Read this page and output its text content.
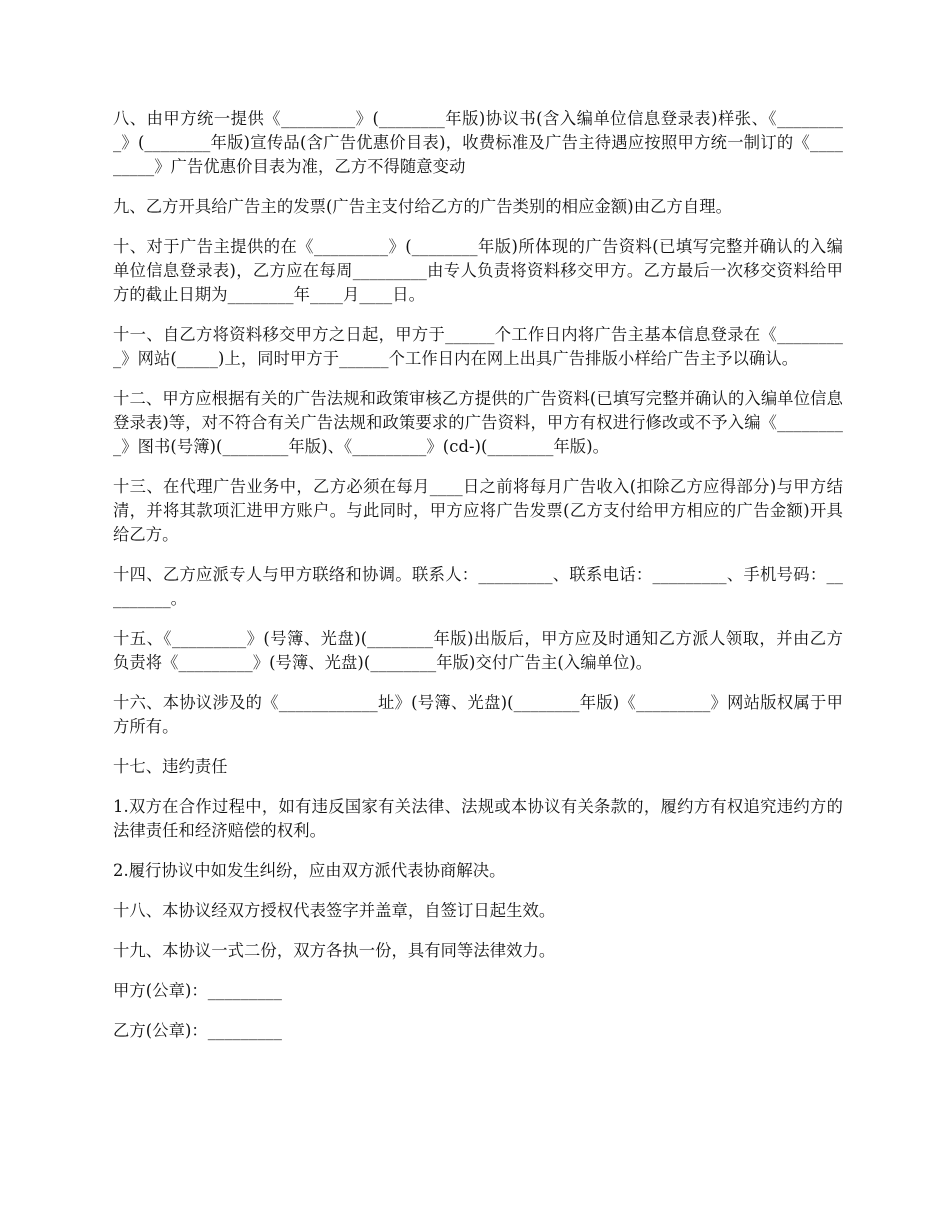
八、由甲方统一提供《_________》(________年版)协议书(含入编单位信息登录表)样张、《_________》(________年版)宣传品(含广告优惠价目表)，收费标准及广告主待遇应按照甲方统一制订的《_________》广告优惠价目表为准，乙方不得随意变动

九、乙方开具给广告主的发票(广告主支付给乙方的广告类别的相应金额)由乙方自理。

十、对于广告主提供的在《_________》(________年版)所体现的广告资料(已填写完整并确认的入编单位信息登录表)，乙方应在每周_________由专人负责将资料移交甲方。乙方最后一次移交资料给甲方的截止日期为________年____月____日。

十一、自乙方将资料移交甲方之日起，甲方于______个工作日内将广告主基本信息登录在《_________》网站(_____)上，同时甲方于______个工作日内在网上出具广告排版小样给广告主予以确认。

十二、甲方应根据有关的广告法规和政策审核乙方提供的广告资料(已填写完整并确认的入编单位信息登录表)等，对不符合有关广告法规和政策要求的广告资料，甲方有权进行修改或不予入编《_________》图书(号簿)(________年版)、《_________》(cd-)(________年版)。

十三、在代理广告业务中，乙方必须在每月____日之前将每月广告收入(扣除乙方应得部分)与甲方结清，并将其款项汇进甲方账户。与此同时，甲方应将广告发票(乙方支付给甲方相应的广告金额)开具给乙方。

十四、乙方应派专人与甲方联络和协调。联系人：_________、联系电话：_________、手机号码：_________。

十五、《_________》(号簿、光盘)(________年版)出版后，甲方应及时通知乙方派人领取，并由乙方负责将《_________》(号簿、光盘)(________年版)交付广告主(入编单位)。

十六、本协议涉及的《____________址》(号簿、光盘)(________年版)《_________》网站版权属于甲方所有。

十七、违约责任

1.双方在合作过程中，如有违反国家有关法律、法规或本协议有关条款的，履约方有权追究违约方的法律责任和经济赔偿的权利。

2.履行协议中如发生纠纷，应由双方派代表协商解决。

十八、本协议经双方授权代表签字并盖章，自签订日起生效。

十九、本协议一式二份，双方各执一份，具有同等法律效力。

甲方(公章)：_________

乙方(公章)：_________
